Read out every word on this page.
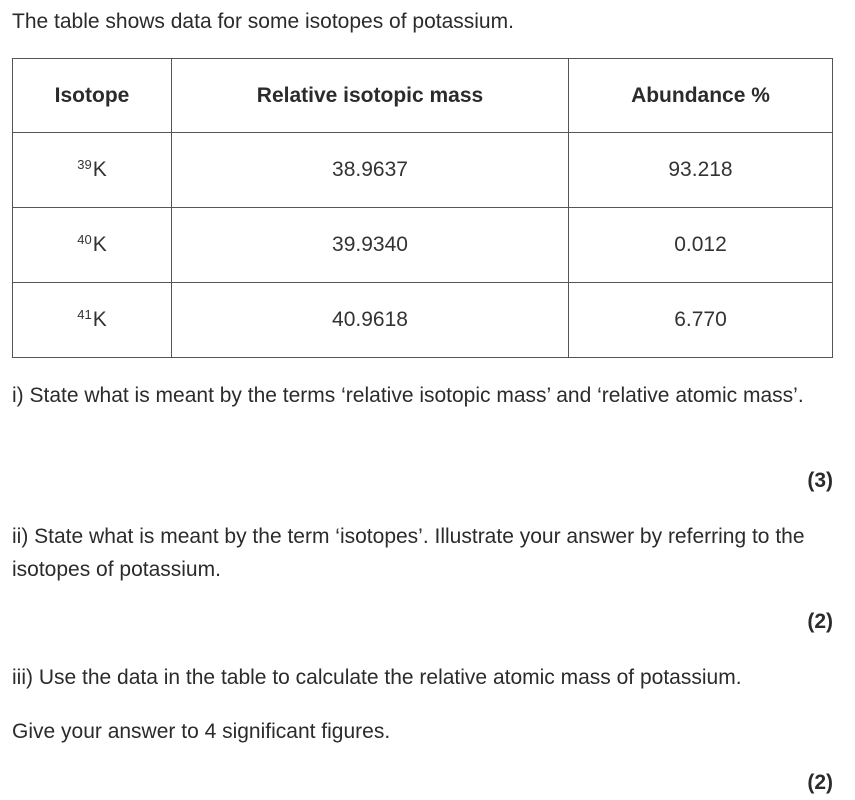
The table shows data for some isotopes of potassium.
Isotope	Relative isotopic mass	Abundance %
$^{39}$K	38.9637	93.218
$^{40}$K	39.9340	0.012
$^{41}$K	40.9618	6.770
i) State what is meant by the terms ‘relative isotopic mass’ and ‘relative atomic mass’.
(3)
ii) State what is meant by the term ‘isotopes’. Illustrate your answer by referring to the isotopes of potassium.
(2)
iii) Use the data in the table to calculate the relative atomic mass of potassium.
Give your answer to 4 significant figures.
(2)
